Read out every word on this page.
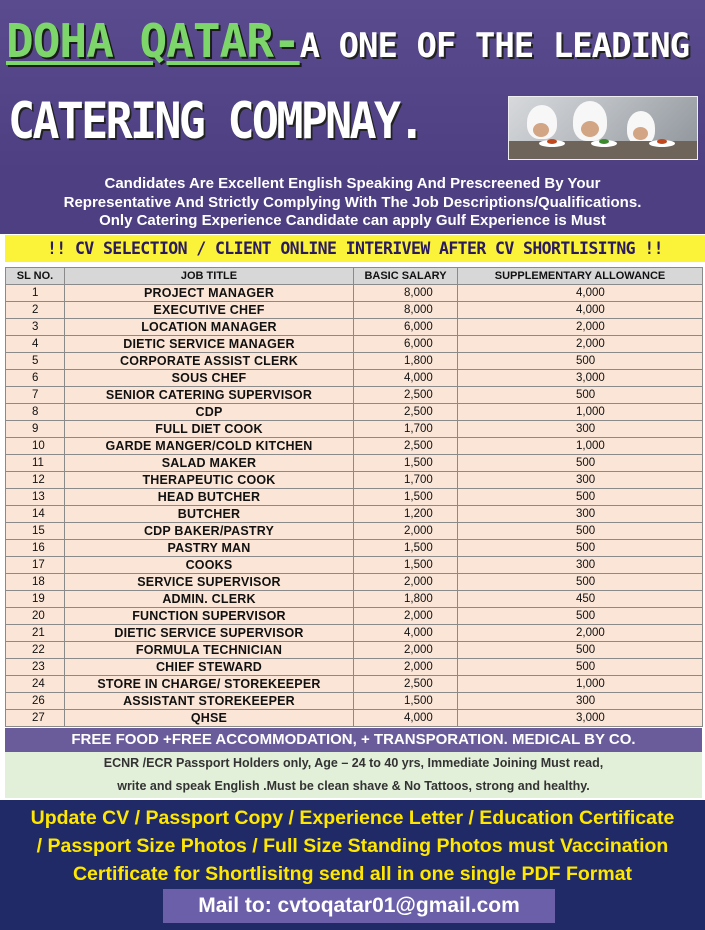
DOHA QATAR-A ONE OF THE LEADING
CATERING COMPNAY.
Candidates Are Excellent English Speaking And Prescreened By Your
Representative And Strictly Complying With The Job Descriptions/Qualifications.
Only Catering Experience Candidate can apply Gulf Experience is Must
!! CV SELECTION / CLIENT ONLINE INTERIVEW AFTER CV SHORTLISITNG !!
SL NO.	JOB TITLE	BASIC SALARY	SUPPLEMENTARY ALLOWANCE
1	PROJECT MANAGER	8,000	4,000
2	EXECUTIVE CHEF	8,000	4,000
3	LOCATION MANAGER	6,000	2,000
4	DIETIC SERVICE MANAGER	6,000	2,000
5	CORPORATE ASSIST CLERK	1,800	500
6	SOUS CHEF	4,000	3,000
7	SENIOR CATERING SUPERVISOR	2,500	500
8	CDP	2,500	1,000
9	FULL DIET COOK	1,700	300
10	GARDE MANGER/COLD KITCHEN	2,500	1,000
11	SALAD MAKER	1,500	500
12	THERAPEUTIC COOK	1,700	300
13	HEAD BUTCHER	1,500	500
14	BUTCHER	1,200	300
15	CDP BAKER/PASTRY	2,000	500
16	PASTRY MAN	1,500	500
17	COOKS	1,500	300
18	SERVICE SUPERVISOR	2,000	500
19	ADMIN. CLERK	1,800	450
20	FUNCTION SUPERVISOR	2,000	500
21	DIETIC SERVICE SUPERVISOR	4,000	2,000
22	FORMULA TECHNICIAN	2,000	500
23	CHIEF STEWARD	2,000	500
24	STORE IN CHARGE/ STOREKEEPER	2,500	1,000
26	ASSISTANT STOREKEEPER	1,500	300
27	QHSE	4,000	3,000
FREE FOOD +FREE ACCOMMODATION, + TRANSPORATION. MEDICAL BY CO.
ECNR /ECR Passport Holders only, Age – 24 to 40 yrs, Immediate Joining Must read,
write and speak English .Must be clean shave & No Tattoos, strong and healthy.
Update CV / Passport Copy / Experience Letter / Education Certificate
/ Passport Size Photos / Full Size Standing Photos must Vaccination
Certificate for Shortlisitng send all in one single PDF Format
Mail to: cvtoqatar01@gmail.com
